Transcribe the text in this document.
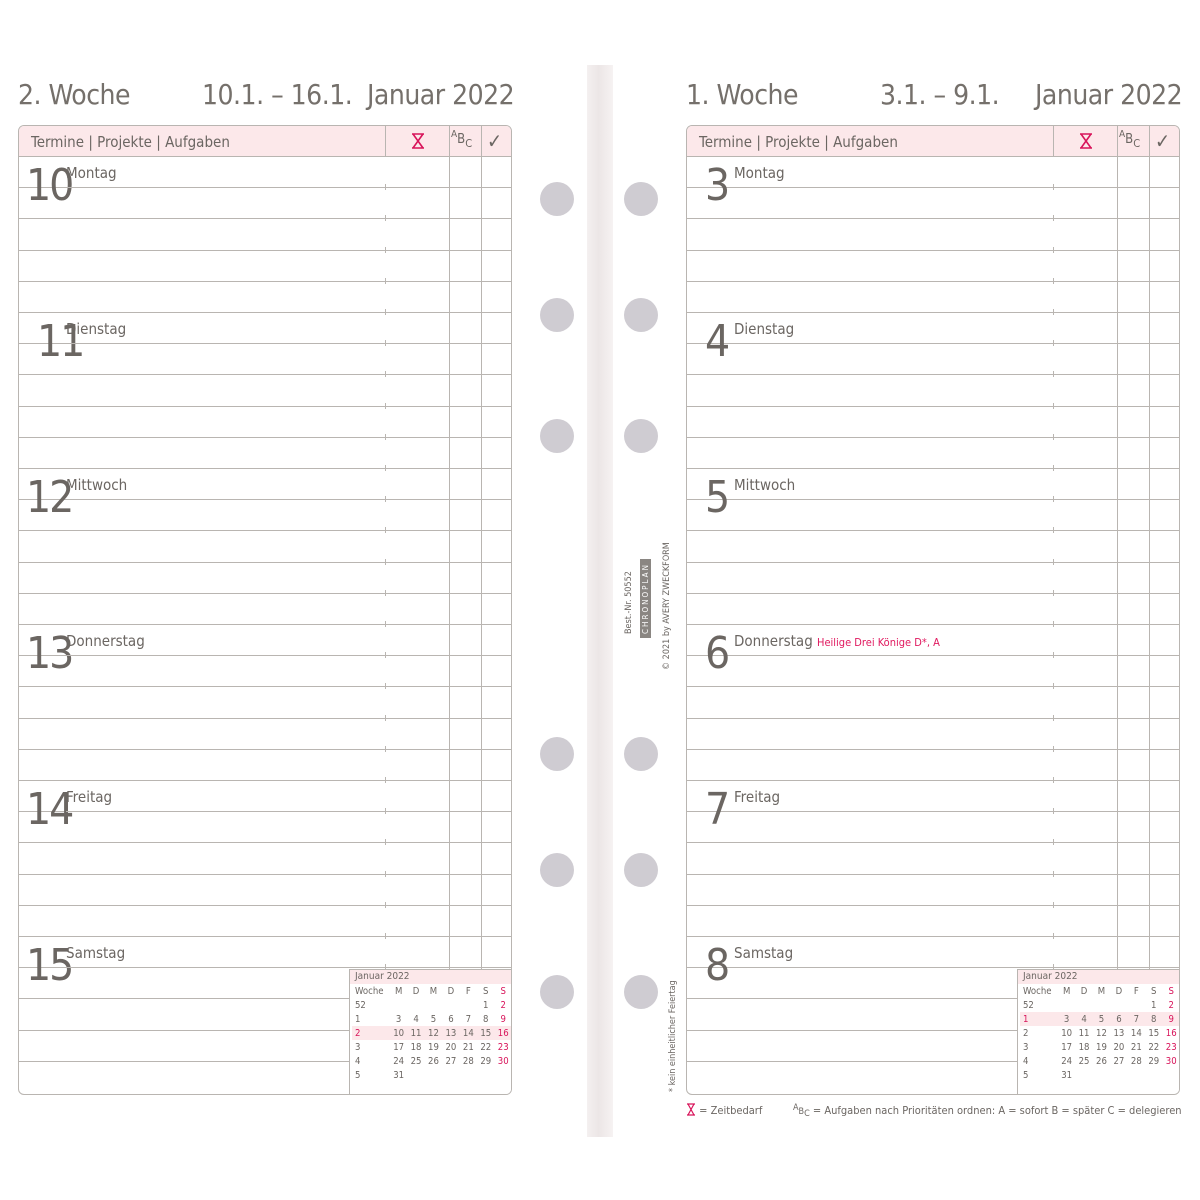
2. Woche	10.1. – 16.1. Januar 2022
Termine | Projekte | Aufgaben	$^AB_C$ ✓
10
Montag
11
Dienstag
12
Mittwoch
13
Donnerstag
14
Freitag
15
Samstag
Januar 2022
Woche	M	D	M	D	F	S	S
52						1	2
1	3	4	5	6	7	8	9
2	10	11	12	13	14	15	16
3	17	18	19	20	21	22	23
4	24	25	26	27	28	29	30
5	31						
1. Woche	3.1. – 9.1. Januar 2022
Termine | Projekte | Aufgaben	$^AB_C$ ✓
3 Montag
4 Dienstag
5 Mittwoch
6 Donnerstag Heilige Drei Könige D*, A
7 Freitag
8 Samstag
Januar 2022
Woche	M	D	M	D	F	S	S
52						1	2
1	3	4	5	6	7	8	9
2	10	11	12	13	14	15	16
3	17	18	19	20	21	22	23
4	24	25	26	27	28	29	30
5	31						
Best.-Nr. 50552 CHRONOPLAN © 2021 by AVERY ZWECKFORM
* kein einheitlicher Feiertag
= Zeitbedarf	$^A$BC = Aufgaben nach Prioritäten ordnen: A = sofort B = später C = delegieren
